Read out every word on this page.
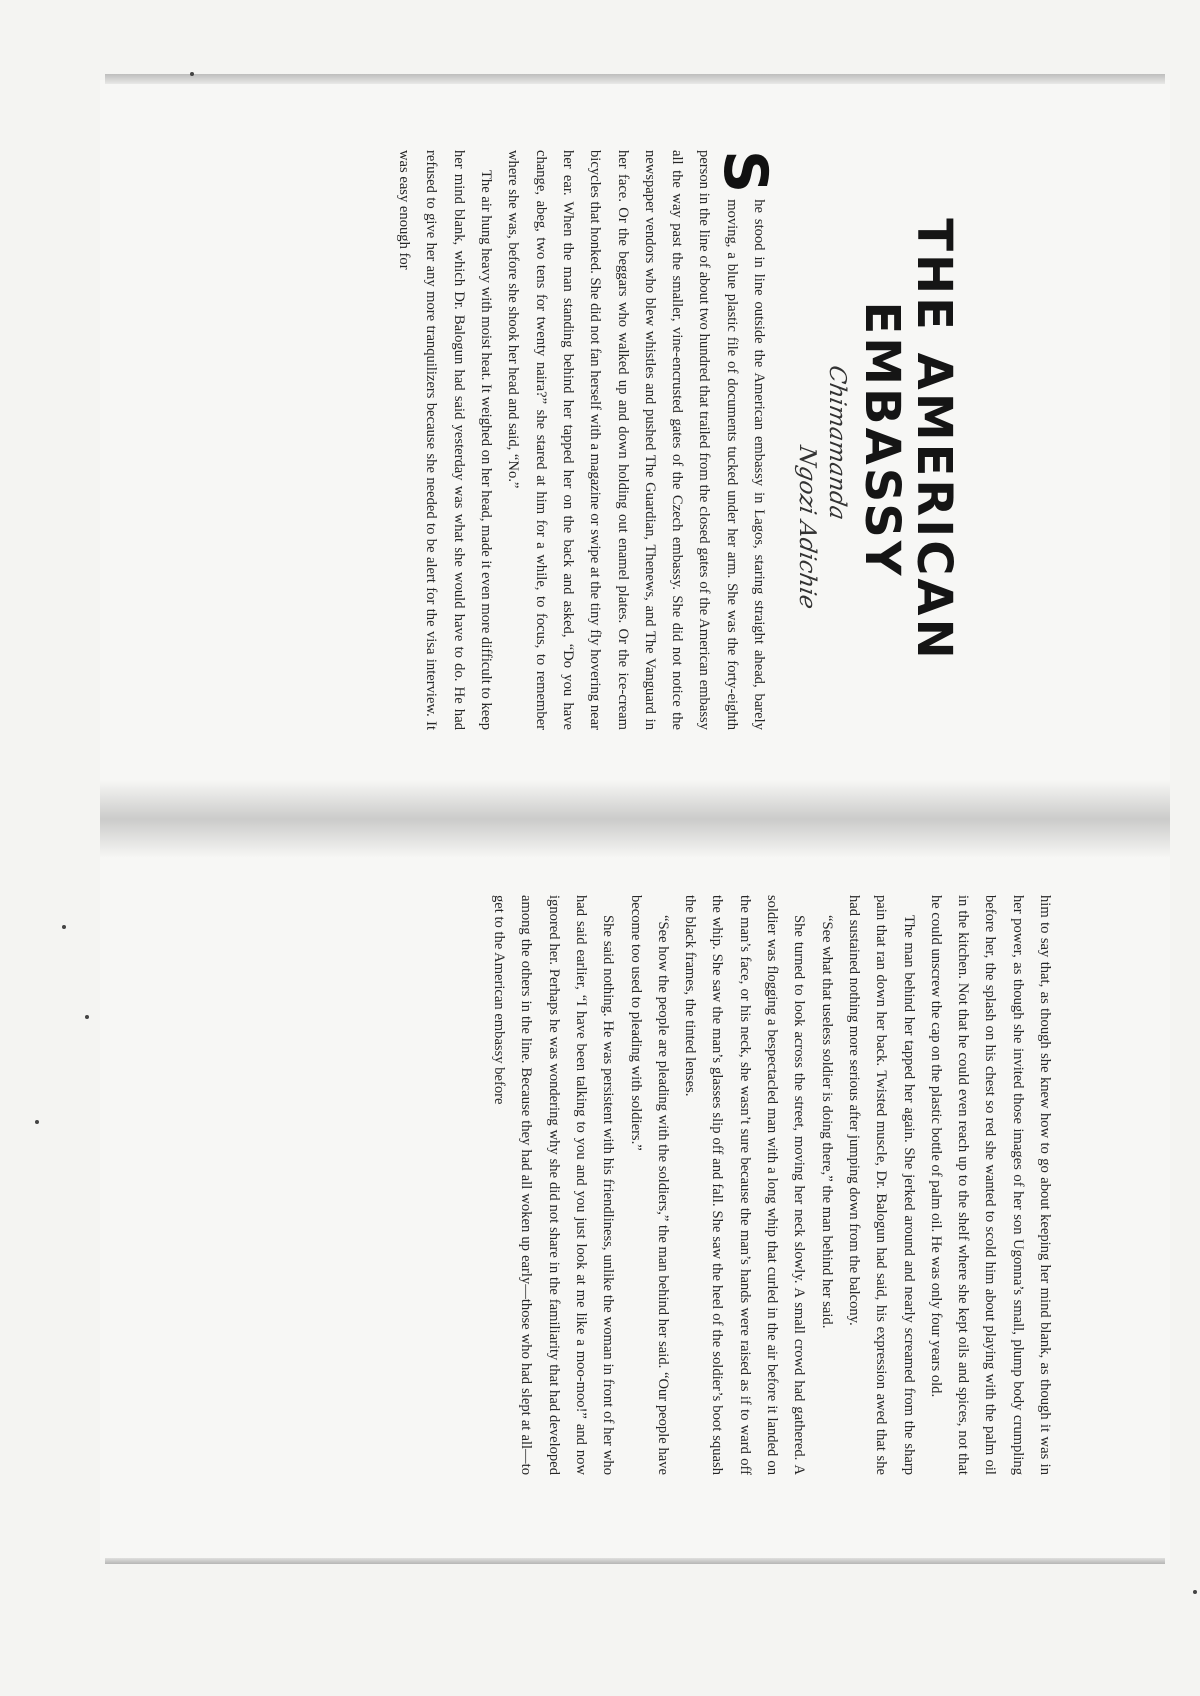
THE AMERICAN
EMBASSY
Chimamanda
Ngozi Adichie

S
he stood in line outside the American embassy in Lagos, staring straight ahead, barely moving, a blue plastic file of documents tucked under her arm. She was the forty-eighth person in the line of about two hundred that trailed from the closed gates of the American embassy all the way past the smaller, vine-encrusted gates of the Czech embassy. She did not notice the newspaper vendors who blew whistles and pushed The Guardian, Thenews, and The Vanguard in her face. Or the beggars who walked up and down holding out enamel plates. Or the ice-cream bicycles that honked. She did not fan herself with a magazine or swipe at the tiny fly hovering near her ear. When the man standing behind her tapped her on the back and asked, “Do you have change, abeg, two tens for twenty naira?” she stared at him for a while, to focus, to remember where she was, before she shook her head and said, “No.”

The air hung heavy with moist heat. It weighed on her head, made it even more difficult to keep her mind blank, which Dr. Balogun had said yesterday was what she would have to do. He had refused to give her any more tranquilizers because she needed to be alert for the visa interview. It was easy enough for

him to say that, as though she knew how to go about keeping her mind blank, as though it was in her power, as though she invited those images of her son Ugonna’s small, plump body crumpling before her, the splash on his chest so red she wanted to scold him about playing with the palm oil in the kitchen. Not that he could even reach up to the shelf where she kept oils and spices, not that he could unscrew the cap on the plastic bottle of palm oil. He was only four years old.

The man behind her tapped her again. She jerked around and nearly screamed from the sharp pain that ran down her back. Twisted muscle, Dr. Balogun had said, his expression awed that she had sustained nothing more serious after jumping down from the balcony.

“See what that useless soldier is doing there,” the man behind her said.

She turned to look across the street, moving her neck slowly. A small crowd had gathered. A soldier was flogging a bespectacled man with a long whip that curled in the air before it landed on the man’s face, or his neck, she wasn’t sure because the man’s hands were raised as if to ward off the whip. She saw the man’s glasses slip off and fall. She saw the heel of the soldier’s boot squash the black frames, the tinted lenses.

“See how the people are pleading with the soldiers,” the man behind her said. “Our people have become too used to pleading with soldiers.”

She said nothing. He was persistent with his friendliness, unlike the woman in front of her who had said earlier, “I have been talking to you and you just look at me like a moo-moo!” and now ignored her. Perhaps he was wondering why she did not share in the familiarity that had developed among the others in the line. Because they had all woken up early—those who had slept at all—to get to the American embassy before
